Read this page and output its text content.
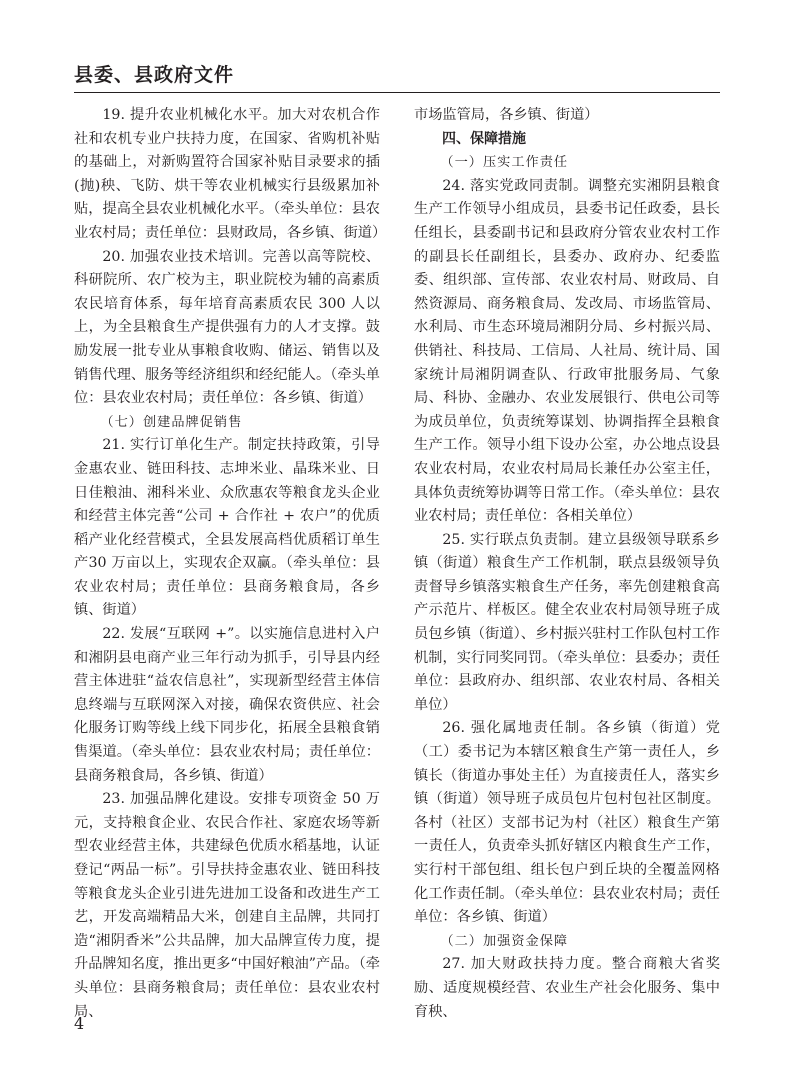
县委、县政府文件

19. 提升农业机械化水平。加大对农机合作社和农机专业户扶持力度，在国家、省购机补贴的基础上，对新购置符合国家补贴目录要求的插(抛)秧、飞防、烘干等农业机械实行县级累加补贴，提高全县农业机械化水平。（牵头单位：县农业农村局；责任单位：县财政局，各乡镇、街道）

20. 加强农业技术培训。完善以高等院校、科研院所、农广校为主，职业院校为辅的高素质农民培育体系，每年培育高素质农民 300 人以上，为全县粮食生产提供强有力的人才支撑。鼓励发展一批专业从事粮食收购、储运、销售以及销售代理、服务等经济组织和经纪能人。（牵头单位：县农业农村局；责任单位：各乡镇、街道）

（七）创建品牌促销售

21. 实行订单化生产。制定扶持政策，引导金惠农业、链田科技、志坤米业、晶珠米业、日日佳粮油、湘科米业、众欣惠农等粮食龙头企业和经营主体完善“公司 + 合作社 + 农户”的优质稻产业化经营模式，全县发展高档优质稻订单生产30 万亩以上，实现农企双赢。（牵头单位：县农业农村局；责任单位：县商务粮食局，各乡镇、街道）

22. 发展“互联网 +”。以实施信息进村入户和湘阴县电商产业三年行动为抓手，引导县内经营主体进驻“益农信息社”，实现新型经营主体信息终端与互联网深入对接，确保农资供应、社会化服务订购等线上线下同步化，拓展全县粮食销售渠道。（牵头单位：县农业农村局；责任单位：县商务粮食局，各乡镇、街道）

23. 加强品牌化建设。安排专项资金 50 万元，支持粮食企业、农民合作社、家庭农场等新型农业经营主体，共建绿色优质水稻基地，认证登记“两品一标”。引导扶持金惠农业、链田科技等粮食龙头企业引进先进加工设备和改进生产工艺，开发高端精品大米，创建自主品牌，共同打造“湘阴香米”公共品牌，加大品牌宣传力度，提升品牌知名度，推出更多“中国好粮油”产品。（牵头单位：县商务粮食局；责任单位：县农业农村局、

市场监管局，各乡镇、街道）

四、保障措施

（一）压实工作责任

24. 落实党政同责制。调整充实湘阴县粮食生产工作领导小组成员，县委书记任政委，县长任组长，县委副书记和县政府分管农业农村工作的副县长任副组长，县委办、政府办、纪委监委、组织部、宣传部、农业农村局、财政局、自然资源局、商务粮食局、发改局、市场监管局、水利局、市生态环境局湘阴分局、乡村振兴局、供销社、科技局、工信局、人社局、统计局、国家统计局湘阴调查队、行政审批服务局、气象局、科协、金融办、农业发展银行、供电公司等为成员单位，负责统筹谋划、协调指挥全县粮食生产工作。领导小组下设办公室，办公地点设县农业农村局，农业农村局局长兼任办公室主任，具体负责统筹协调等日常工作。（牵头单位：县农业农村局；责任单位：各相关单位）

25. 实行联点负责制。建立县级领导联系乡镇（街道）粮食生产工作机制，联点县级领导负责督导乡镇落实粮食生产任务，率先创建粮食高产示范片、样板区。健全农业农村局领导班子成员包乡镇（街道）、乡村振兴驻村工作队包村工作机制，实行同奖同罚。（牵头单位：县委办；责任单位：县政府办、组织部、农业农村局、各相关单位）

26. 强化属地责任制。各乡镇（街道）党（工）委书记为本辖区粮食生产第一责任人，乡镇长（街道办事处主任）为直接责任人，落实乡镇（街道）领导班子成员包片包村包社区制度。各村（社区）支部书记为村（社区）粮食生产第一责任人，负责牵头抓好辖区内粮食生产工作，实行村干部包组、组长包户到丘块的全覆盖网格化工作责任制。（牵头单位：县农业农村局；责任单位：各乡镇、街道）

（二）加强资金保障

27. 加大财政扶持力度。整合商粮大省奖励、适度规模经营、农业生产社会化服务、集中育秧、

4
